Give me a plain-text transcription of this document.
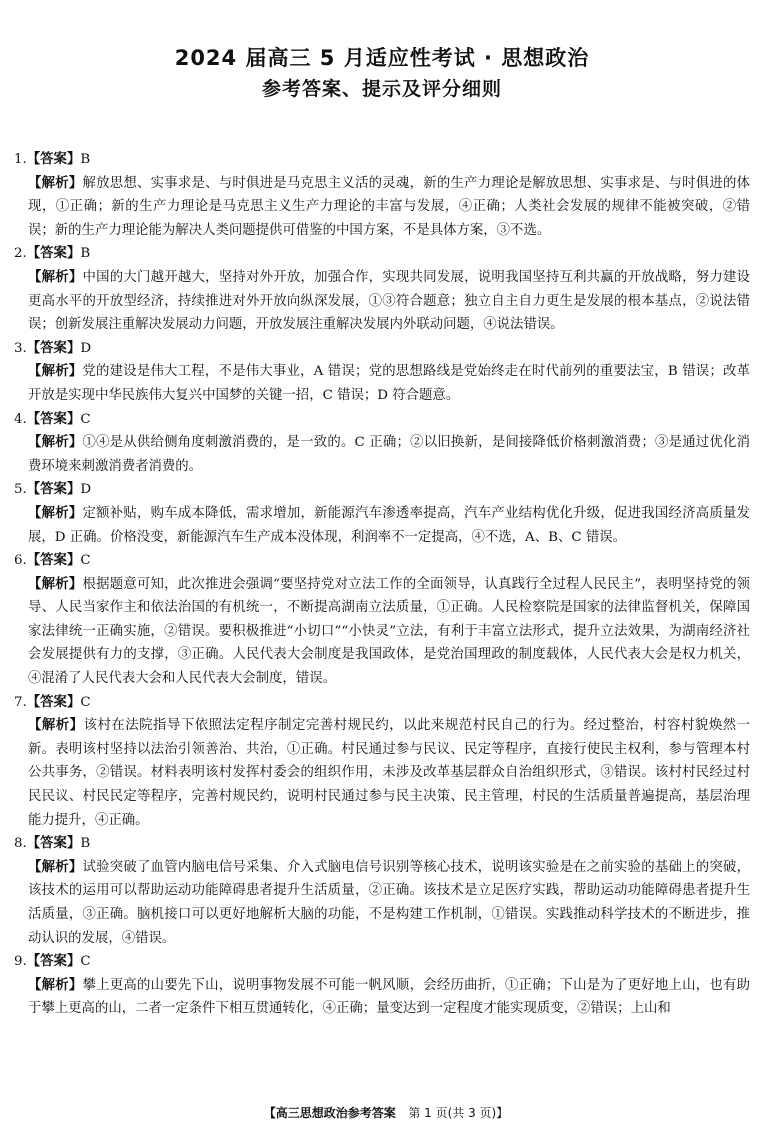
2024 届高三 5 月适应性考试 · 思想政治
参考答案、提示及评分细则
1.【答案】B
【解析】解放思想、实事求是、与时俱进是马克思主义活的灵魂，新的生产力理论是解放思想、实事求是、与时俱进的体现，①正确；新的生产力理论是马克思主义生产力理论的丰富与发展，④正确；人类社会发展的规律不能被突破，②错误；新的生产力理论能为解决人类问题提供可借鉴的中国方案，不是具体方案，③不选。
2.【答案】B
【解析】中国的大门越开越大，坚持对外开放，加强合作，实现共同发展，说明我国坚持互利共赢的开放战略，努力建设更高水平的开放型经济，持续推进对外开放向纵深发展，①③符合题意；独立自主自力更生是发展的根本基点，②说法错误；创新发展注重解决发展动力问题，开放发展注重解决发展内外联动问题，④说法错误。
3.【答案】D
【解析】党的建设是伟大工程，不是伟大事业，A 错误；党的思想路线是党始终走在时代前列的重要法宝，B 错误；改革开放是实现中华民族伟大复兴中国梦的关键一招，C 错误；D 符合题意。
4.【答案】C
【解析】①④是从供给侧角度刺激消费的，是一致的。C 正确；②以旧换新，是间接降低价格刺激消费；③是通过优化消费环境来刺激消费者消费的。
5.【答案】D
【解析】定额补贴，购车成本降低，需求增加，新能源汽车渗透率提高，汽车产业结构优化升级，促进我国经济高质量发展，D 正确。价格没变，新能源汽车生产成本没体现，利润率不一定提高，④不选，A、B、C 错误。
6.【答案】C
【解析】根据题意可知，此次推进会强调“要坚持党对立法工作的全面领导，认真践行全过程人民民主”，表明坚持党的领导、人民当家作主和依法治国的有机统一，不断提高湖南立法质量，①正确。人民检察院是国家的法律监督机关，保障国家法律统一正确实施，②错误。要积极推进“小切口”“小快灵”立法，有利于丰富立法形式，提升立法效果，为湖南经济社会发展提供有力的支撑，③正确。人民代表大会制度是我国政体，是党治国理政的制度载体，人民代表大会是权力机关，④混淆了人民代表大会和人民代表大会制度，错误。
7.【答案】C
【解析】该村在法院指导下依照法定程序制定完善村规民约，以此来规范村民自己的行为。经过整治，村容村貌焕然一新。表明该村坚持以法治引领善治、共治，①正确。村民通过参与民议、民定等程序，直接行使民主权利，参与管理本村公共事务，②错误。材料表明该村发挥村委会的组织作用，未涉及改革基层群众自治组织形式，③错误。该村村民经过村民民议、村民民定等程序，完善村规民约，说明村民通过参与民主决策、民主管理，村民的生活质量普遍提高，基层治理能力提升，④正确。
8.【答案】B
【解析】试验突破了血管内脑电信号采集、介入式脑电信号识别等核心技术，说明该实验是在之前实验的基础上的突破，该技术的运用可以帮助运动功能障碍患者提升生活质量，②正确。该技术是立足医疗实践，帮助运动功能障碍患者提升生活质量，③正确。脑机接口可以更好地解析大脑的功能，不是构建工作机制，①错误。实践推动科学技术的不断进步，推动认识的发展，④错误。
9.【答案】C
【解析】攀上更高的山要先下山，说明事物发展不可能一帆风顺，会经历曲折，①正确；下山是为了更好地上山，也有助于攀上更高的山，二者一定条件下相互贯通转化，④正确；量变达到一定程度才能实现质变，②错误；上山和
【高三思想政治参考答案 第 1 页(共 3 页)】
